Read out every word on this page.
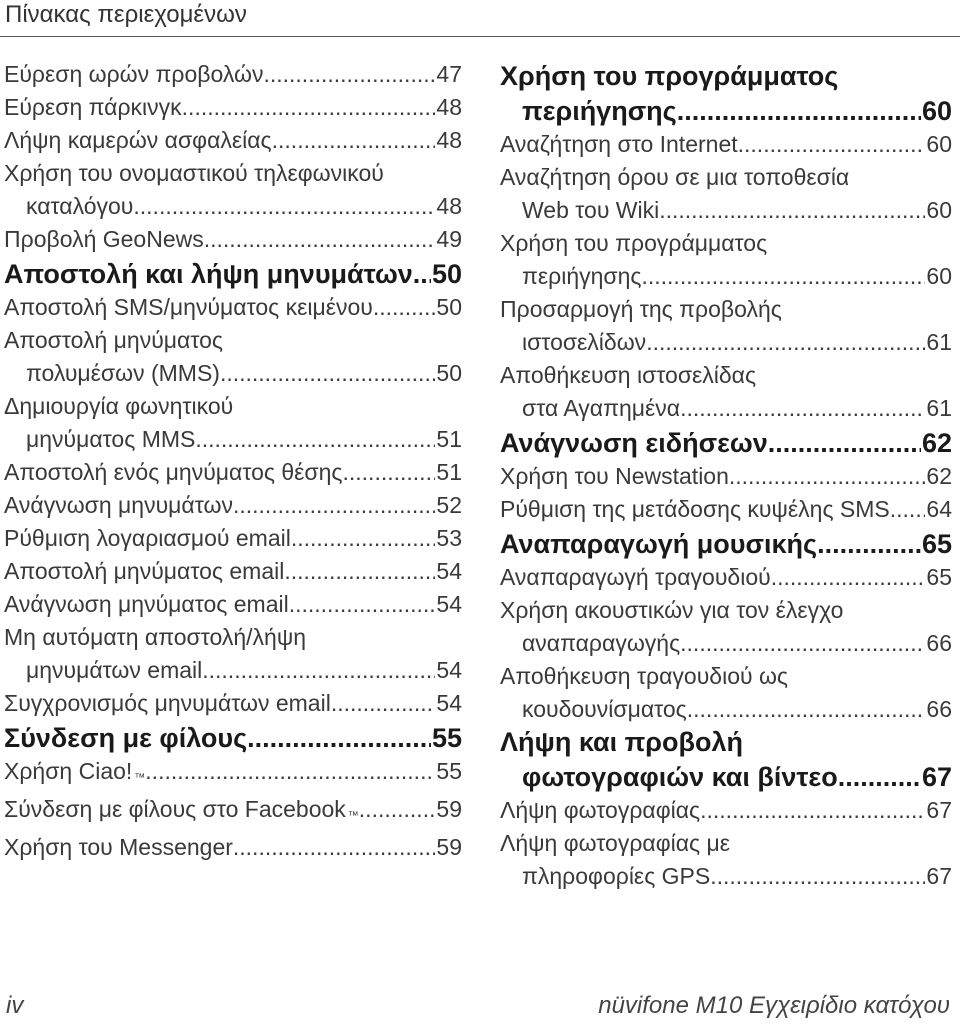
Πίνακας περιεχομένων
Εύρεση ωρών προβολών .....	47
Εύρεση πάρκινγκ .....	48
Λήψη καμερών ασφαλείας .....	48
Χρήση του ονομαστικού τηλεφωνικού
καταλόγου .....	48
Προβολή GeoNews .....	49
Αποστολή και λήψη μηνυμάτων ..... 50
Αποστολή SMS/μηνύματος κειμένου .....	50
Αποστολή μηνύματος
πολυμέσων (MMS) .....	50
Δημιουργία φωνητικού
μηνύματος MMS .....	51
Αποστολή ενός μηνύματος θέσης .....	51
Ανάγνωση μηνυμάτων .....	52
Ρύθμιση λογαριασμού email .....	53
Αποστολή μηνύματος email .....	54
Ανάγνωση μηνύματος email .....	54
Μη αυτόματη αποστολή/λήψη
μηνυμάτων email .....	54
Συγχρονισμός μηνυμάτων email .....	54
Σύνδεση με φίλους .....	55
Χρήση Ciao!™ .....	55
Σύνδεση με φίλους στο Facebook™ .....	59
Χρήση του Messenger .....	59
Χρήση του προγράμματος
περιήγησης .....	60
Αναζήτηση στο Internet .....	60
Αναζήτηση όρου σε μια τοποθεσία
Web του Wiki .....	60
Χρήση του προγράμματος
περιήγησης .....	60
Προσαρμογή της προβολής
ιστοσελίδων .....	61
Αποθήκευση ιστοσελίδας
στα Αγαπημένα .....	61
Ανάγνωση ειδήσεων .....	62
Χρήση του Newstation .....	62
Ρύθμιση της μετάδοσης κυψέλης SMS ..... 64
Αναπαραγωγή μουσικής .....	65
Αναπαραγωγή τραγουδιού .....	65
Χρήση ακουστικών για τον έλεγχο
αναπαραγωγής .....	66
Αποθήκευση τραγουδιού ως
κουδουνίσματος .....	66
Λήψη και προβολή
φωτογραφιών και βίντεο .....	67
Λήψη φωτογραφίας .....	67
Λήψη φωτογραφίας με
πληροφορίες GPS .....	67
iv	nüvifone M10 Εγχειρίδιο κατόχου
